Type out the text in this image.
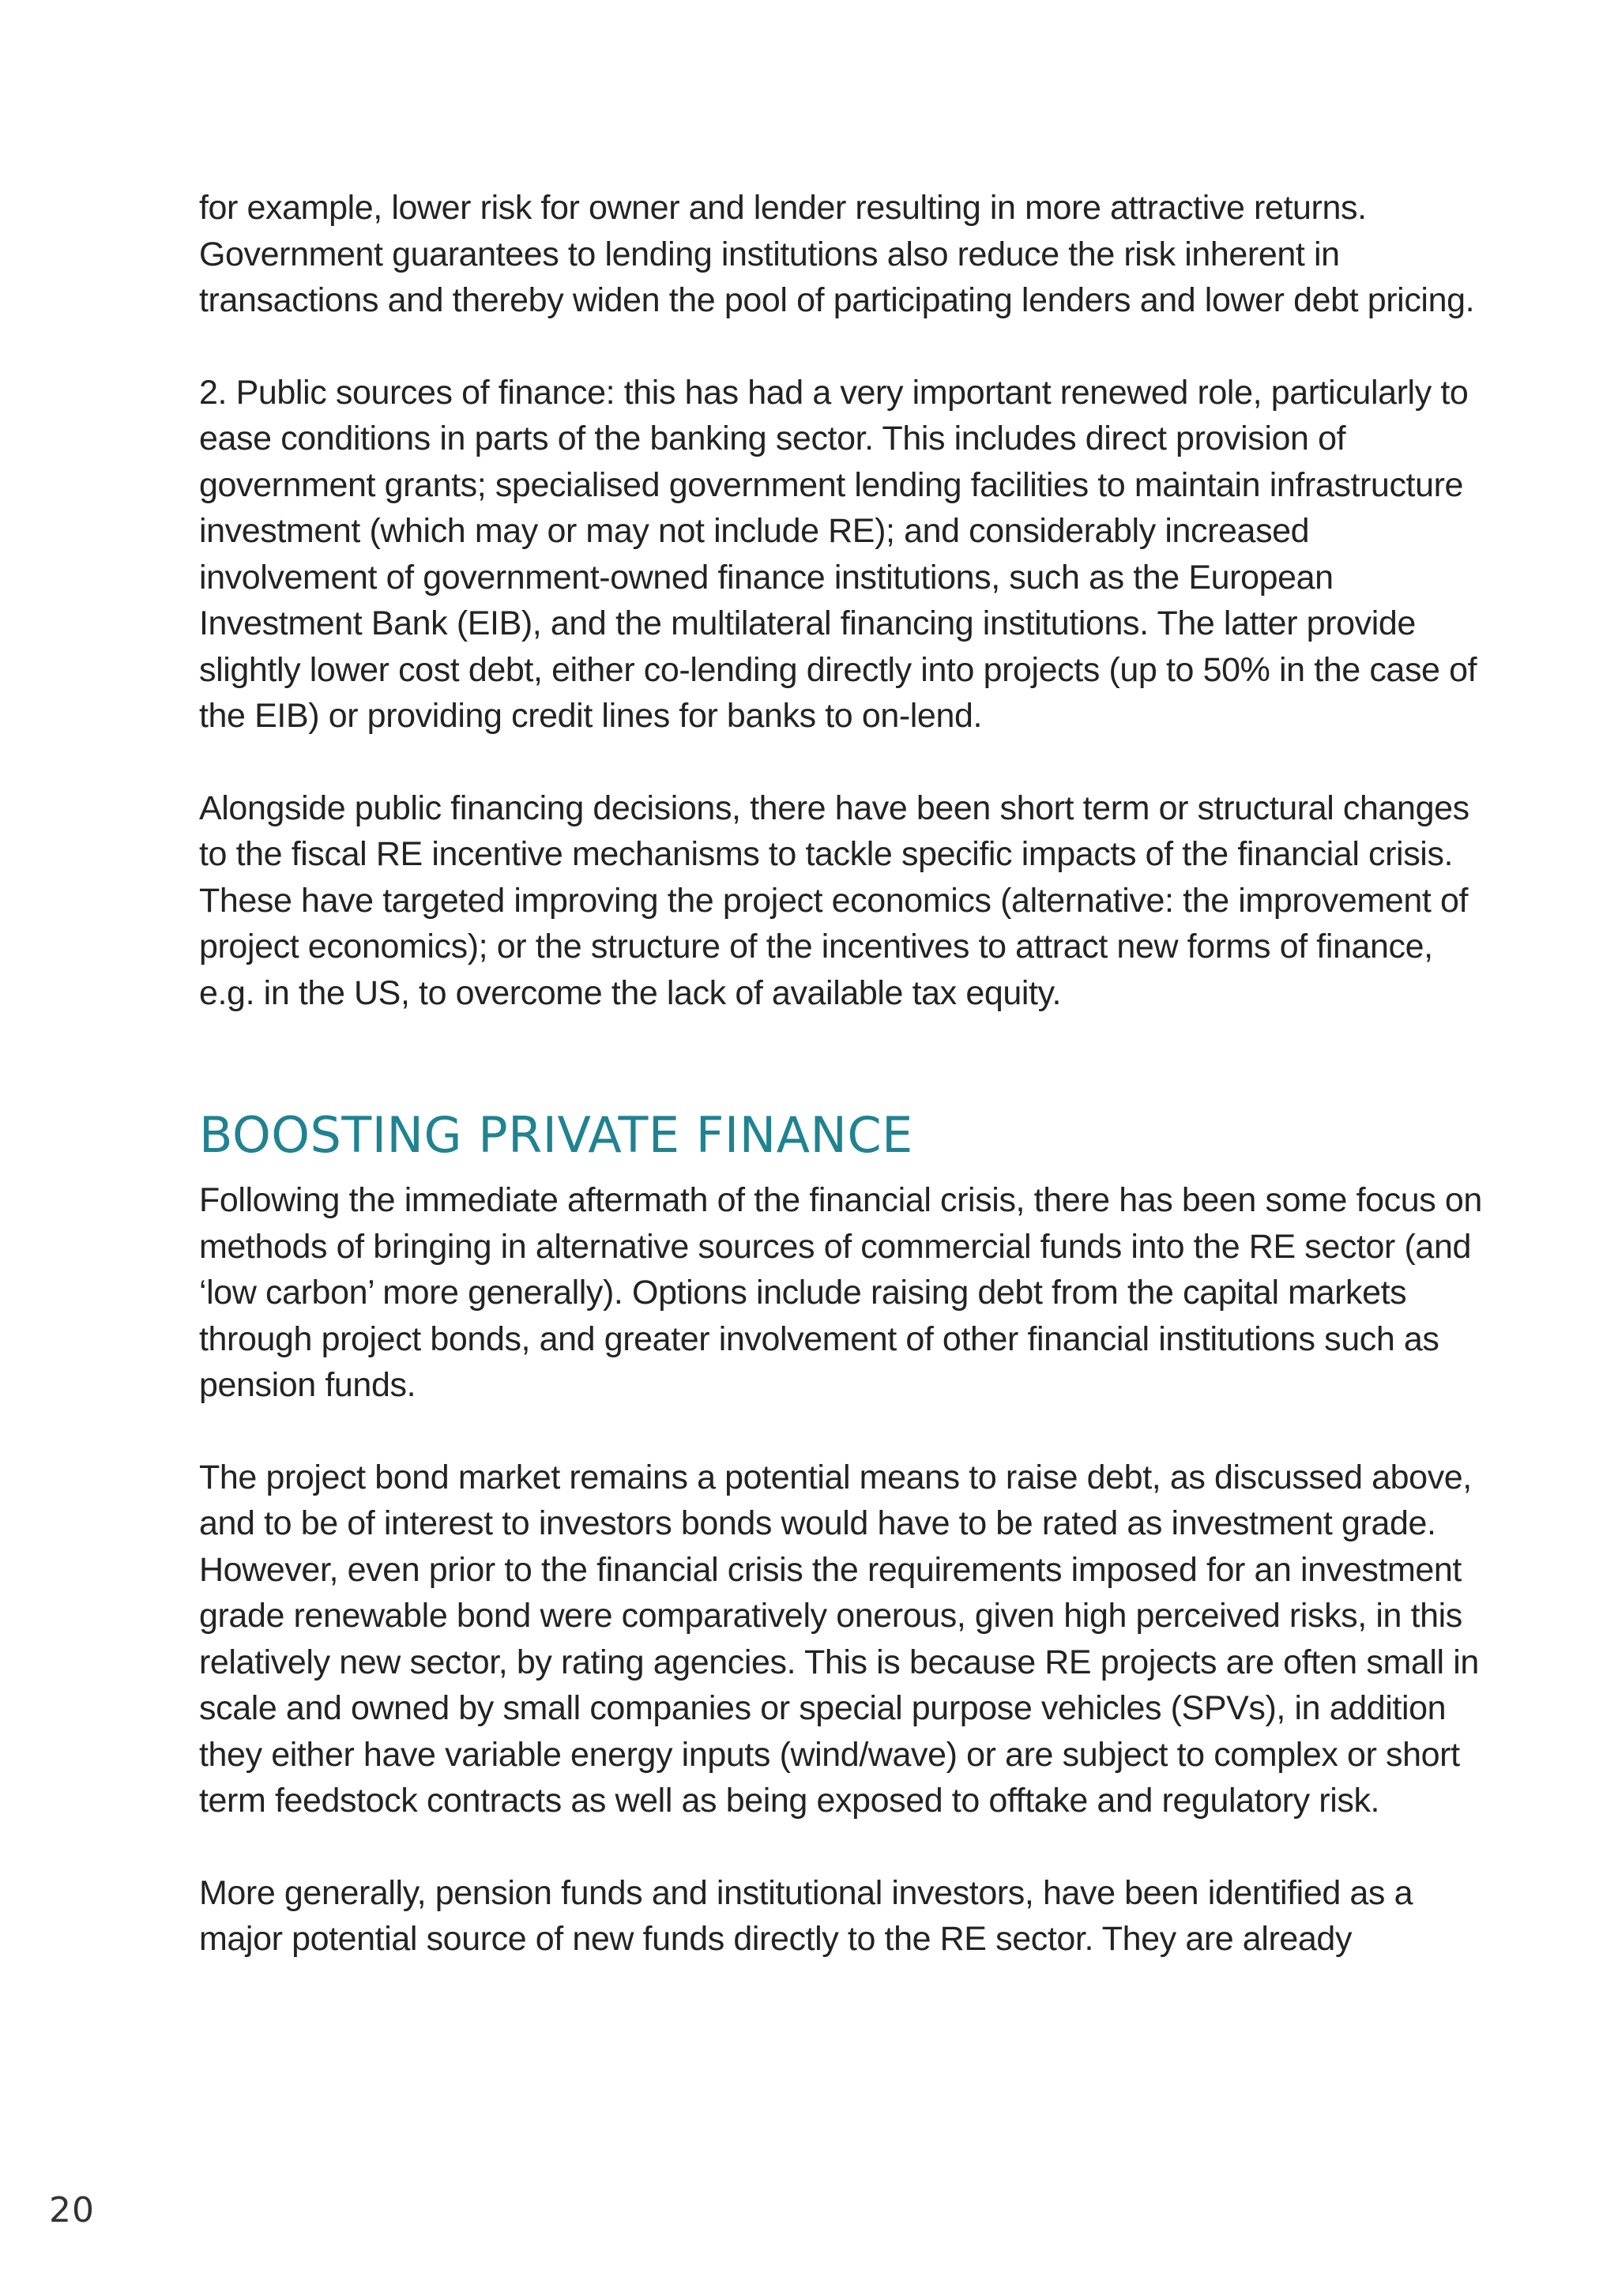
for example, lower risk for owner and lender resulting in more attractive returns. Government guarantees to lending institutions also reduce the risk inherent in transactions and thereby widen the pool of participating lenders and lower debt pricing.

2. Public sources of finance: this has had a very important renewed role, particularly to ease conditions in parts of the banking sector. This includes direct provision of government grants; specialised government lending facilities to maintain infrastructure investment (which may or may not include RE); and considerably increased involvement of government-owned finance institutions, such as the European Investment Bank (EIB), and the multilateral financing institutions. The latter provide slightly lower cost debt, either co-lending directly into projects (up to 50% in the case of the EIB) or providing credit lines for banks to on-lend.

Alongside public financing decisions, there have been short term or structural changes to the fiscal RE incentive mechanisms to tackle specific impacts of the financial crisis. These have targeted improving the project economics (alternative: the improvement of project economics); or the structure of the incentives to attract new forms of finance, e.g. in the US, to overcome the lack of available tax equity.

BOOSTING PRIVATE FINANCE

Following the immediate aftermath of the financial crisis, there has been some focus on methods of bringing in alternative sources of commercial funds into the RE sector (and ‘low carbon’ more generally). Options include raising debt from the capital markets through project bonds, and greater involvement of other financial institutions such as pension funds.

The project bond market remains a potential means to raise debt, as discussed above, and to be of interest to investors bonds would have to be rated as investment grade. However, even prior to the financial crisis the requirements imposed for an investment grade renewable bond were comparatively onerous, given high perceived risks, in this relatively new sector, by rating agencies. This is because RE projects are often small in scale and owned by small companies or special purpose vehicles (SPVs), in addition they either have variable energy inputs (wind/wave) or are subject to complex or short term feedstock contracts as well as being exposed to offtake and regulatory risk.

More generally, pension funds and institutional investors, have been identified as a major potential source of new funds directly to the RE sector. They are already

20
